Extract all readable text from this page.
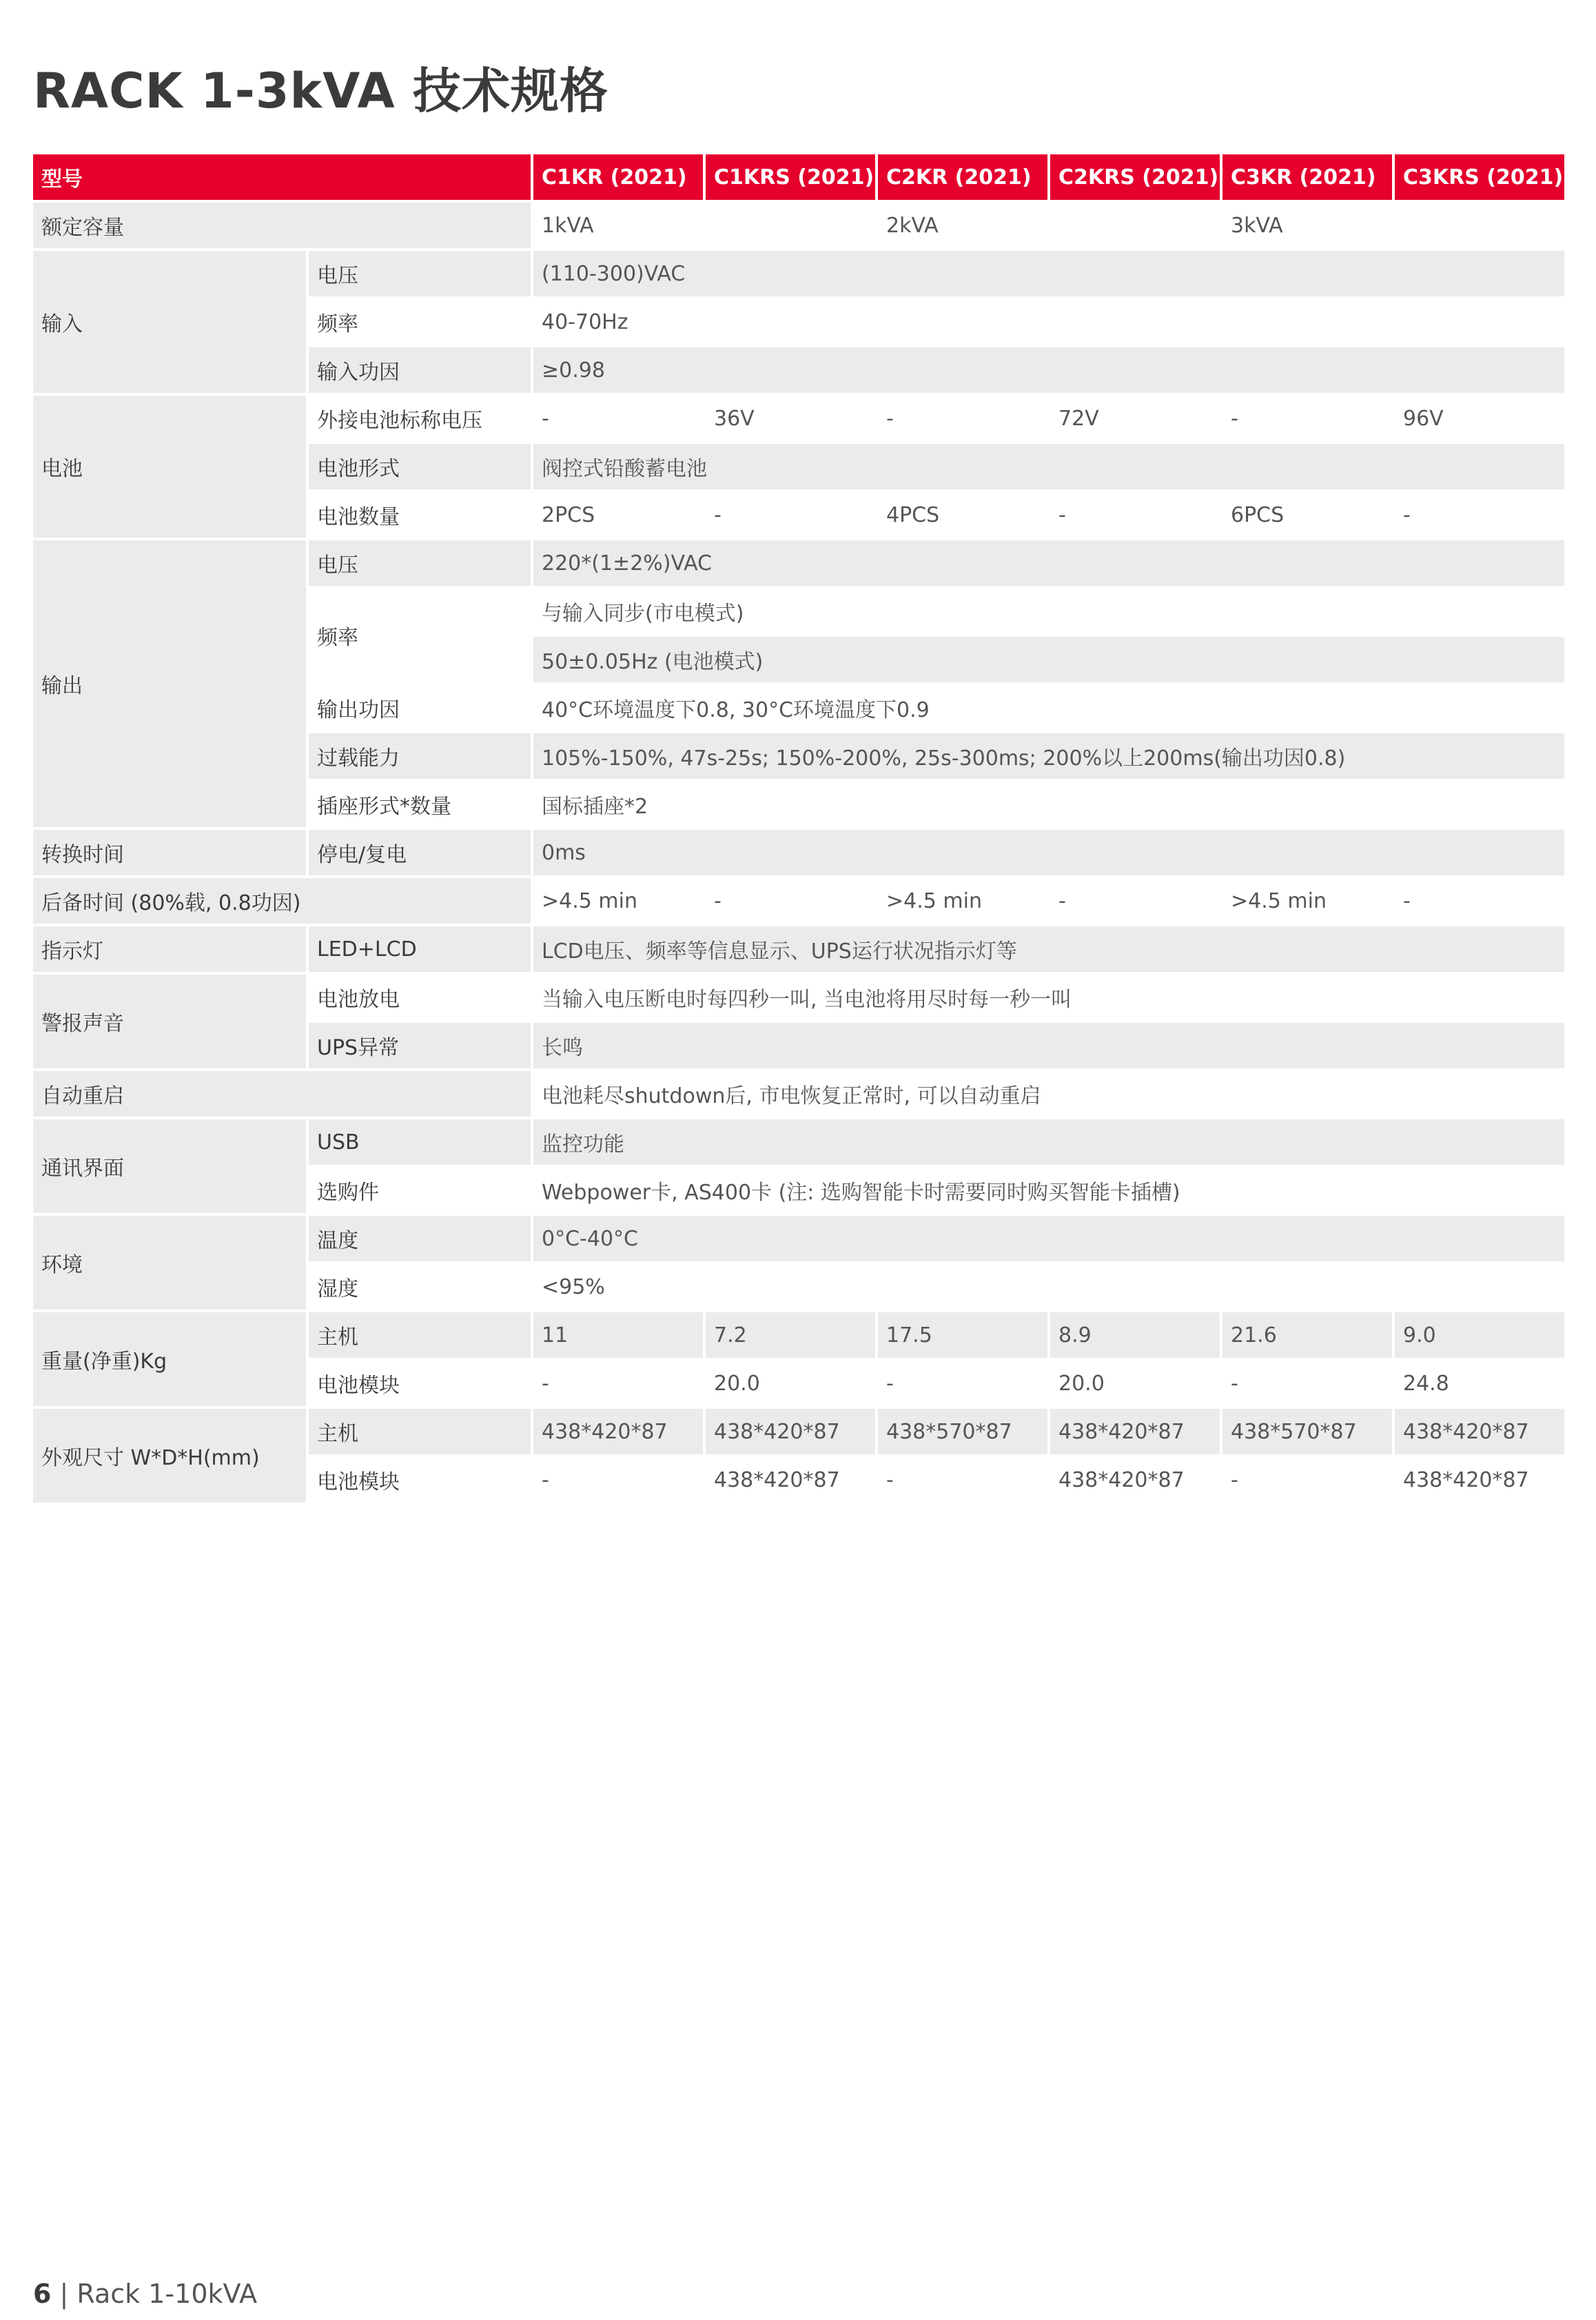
RACK 1-3kVA 技术规格
型号		C1KR (2021)	C1KRS (2021)	C2KR (2021)	C2KRS (2021)	C3KR (2021)	C3KRS (2021)
额定容量		1kVA		2kVA		3kVA	
输入	电压	(110-300)VAC					
	频率	40-70Hz					
	输入功因	≥0.98					
电池	外接电池标称电压	-	36V	-	72V	-	96V
	电池形式	阀控式铅酸蓄电池					
	电池数量	2PCS	-	4PCS	-	6PCS	-
输出	电压	220*(1±2%)VAC					
	频率	与输入同步(市电模式)					
		50±0.05Hz (电池模式)					
	输出功因	40°C环境温度下0.8, 30°C环境温度下0.9					
	过载能力	105%-150%, 47s-25s; 150%-200%, 25s-300ms; 200%以上200ms(输出功因0.8)					
	插座形式*数量	国标插座*2					
转换时间	停电/复电	0ms					
后备时间 (80%载, 0.8功因)		>4.5 min	-	>4.5 min	-	>4.5 min	-
指示灯	LED+LCD	LCD电压、频率等信息显示、UPS运行状况指示灯等					
警报声音	电池放电	当输入电压断电时每四秒一叫, 当电池将用尽时每一秒一叫					
	UPS异常	长鸣					
自动重启		电池耗尽shutdown后, 市电恢复正常时, 可以自动重启					
通讯界面	USB	监控功能					
	选购件	Webpower卡, AS400卡 (注: 选购智能卡时需要同时购买智能卡插槽)					
环境	温度	0°C-40°C					
	湿度	<95%					
重量(净重)Kg	主机	11	7.2	17.5	8.9	21.6	9.0
	电池模块	-	20.0	-	20.0	-	24.8
外观尺寸 W*D*H(mm)	主机	438*420*87	438*420*87	438*570*87	438*420*87	438*570*87	438*420*87
	电池模块	-	438*420*87	-	438*420*87	-	438*420*87
6 | Rack 1-10kVA
